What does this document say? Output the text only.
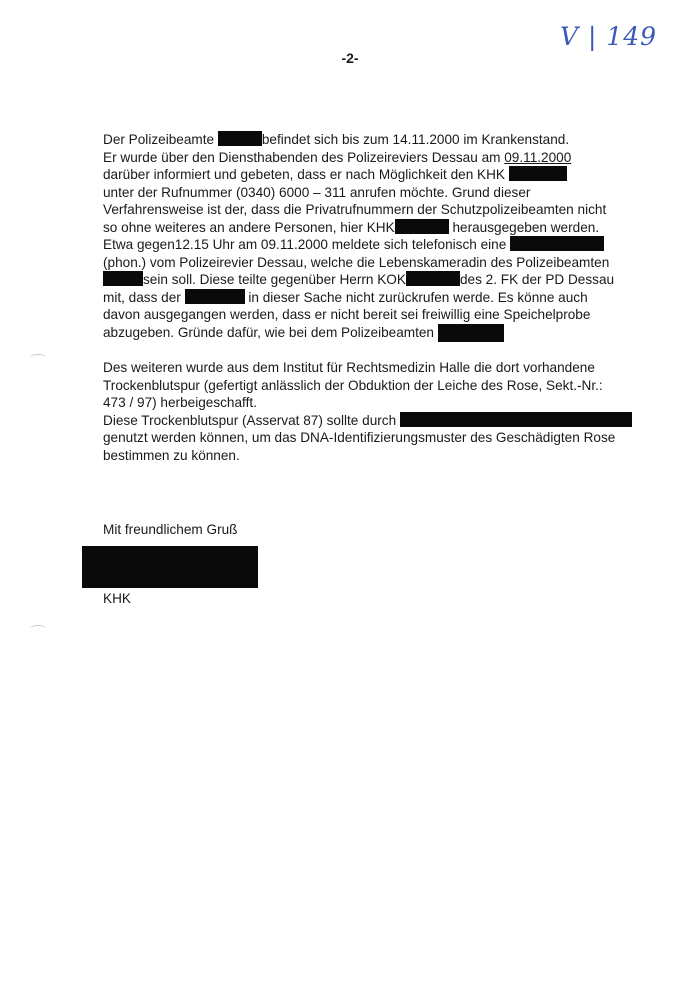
V | 149
-2-
Der Polizeibeamte	befindet sich bis zum 14.11.2000 im Krankenstand.
Er wurde über den Diensthabenden des Polizeireviers Dessau am 09.11.2000
darüber informiert und gebeten, dass er nach Möglichkeit den KHK
unter der Rufnummer (0340) 6000 – 311 anrufen möchte. Grund dieser
Verfahrensweise ist der, dass die Privatrufnummern der Schutzpolizeibeamten nicht
so ohne weiteres an andere Personen, hier KHK	herausgegeben werden.
Etwa gegen12.15 Uhr am 09.11.2000 meldete sich telefonisch eine
(phon.) vom Polizeirevier Dessau, welche die Lebenskameradin des Polizeibeamten
sein soll. Diese teilte gegenüber Herrn KOK	des 2. FK der PD Dessau
mit, dass der	in dieser Sache nicht zurückrufen werde. Es könne auch
davon ausgegangen werden, dass er nicht bereit sei freiwillig eine Speichelprobe
abzugeben. Gründe dafür, wie bei dem Polizeibeamten
Des weiteren wurde aus dem Institut für Rechtsmedizin Halle die dort vorhandene
Trockenblutspur (gefertigt anlässlich der Obduktion der Leiche des Rose, Sekt.-Nr.:
473 / 97) herbeigeschafft.
Diese Trockenblutspur (Asservat 87) sollte durch
genutzt werden können, um das DNA-Identifizierungsmuster des Geschädigten Rose
bestimmen zu können.
Mit freundlichem Gruß
KHK
